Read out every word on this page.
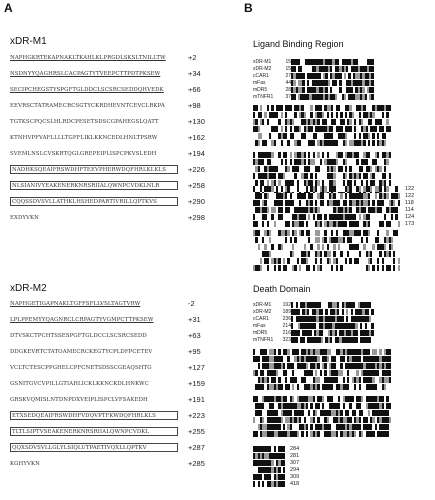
A	B
xDR-M1
NAPHGKRTEKAPNAKLTKAHLKLPRGDLSKSLTNILLTW	+2
NSDNYYQAGHRSLCACPAGTYTVEEPCTTPDTPKSEW	+34
SECIPCHEGSTYSPGFTGLDDCLSCSRCSEDDQHVEDK	+66
EEVRSCTATRAMECRCSGTYCKRDHEVNTCEVCLRKPA	+98
TGTKSCPQCSLHLRDCPESETSDSCGPAHEGSLQATT	+130
KTNHVPFVAFLLLLTGFFLIKLKKNCEDLHNLTPSRW	+162
SVEMLNSLCVSKRTQGLGREPEIPLISPCPKVSLEDH	+194
NADHKSQEAIFRSWDHFTEEVPHERWDQFHRLKLKLS	+226
NLSIANIVYEAKENERKNRSRIIALQWNPCVDKLNLR	+258
CQQSSDVSVLLATHKLHSHEDPARTIVRILLQPTKVS	+290
EXDYVKN	+298
xDR-M2
NAPHGETIGAPNAKLTGFFSFLLVSLTAGTVRW	-2
LPLPPEMYYQAGNRCLCRPAGTYVGMPCTTPKSEW	+31
DTVSKCTPCHTSSESPGFTGLDCCLSCSRCSEDD	+63
DDGKEVRTCTATOAMECRCKEGTYCPLDFPCETEV	+95
VCLTCTESCPPGHELCPFCNETSDSSCGEAQSHTG	+127
GSNITGVCVPILLGTIAHLICKLKKNCKDLHNKWC	+159
GRSKVQMISLNTDNPDXVEIPLISPCLVFSAKEDH	+191
ETXSEDQEAIFRSWDHFVDQVPTFKWDQFHRLKLS	+223
TLTLSIPTVSEAKENERKNRSRIIALQWNPCVDKL	+255
QQXSDVSVLLGLYLSIQLUTPAETIVQXLLQPTKV	+287
KGHYVKN	+285
Ligand Binding Region
xDR-M1	15
xDR-M2	15
cCAR1	27
mFas	44
mDR5	28
mTNFR1 37
122
122
118
114
124
173
Death Domain
xDR-M1 192
xDR-M2 189
cCAR1	236
mFas	214
mDR5	216
mTNFR1 323
284
281
307
294
309
418
